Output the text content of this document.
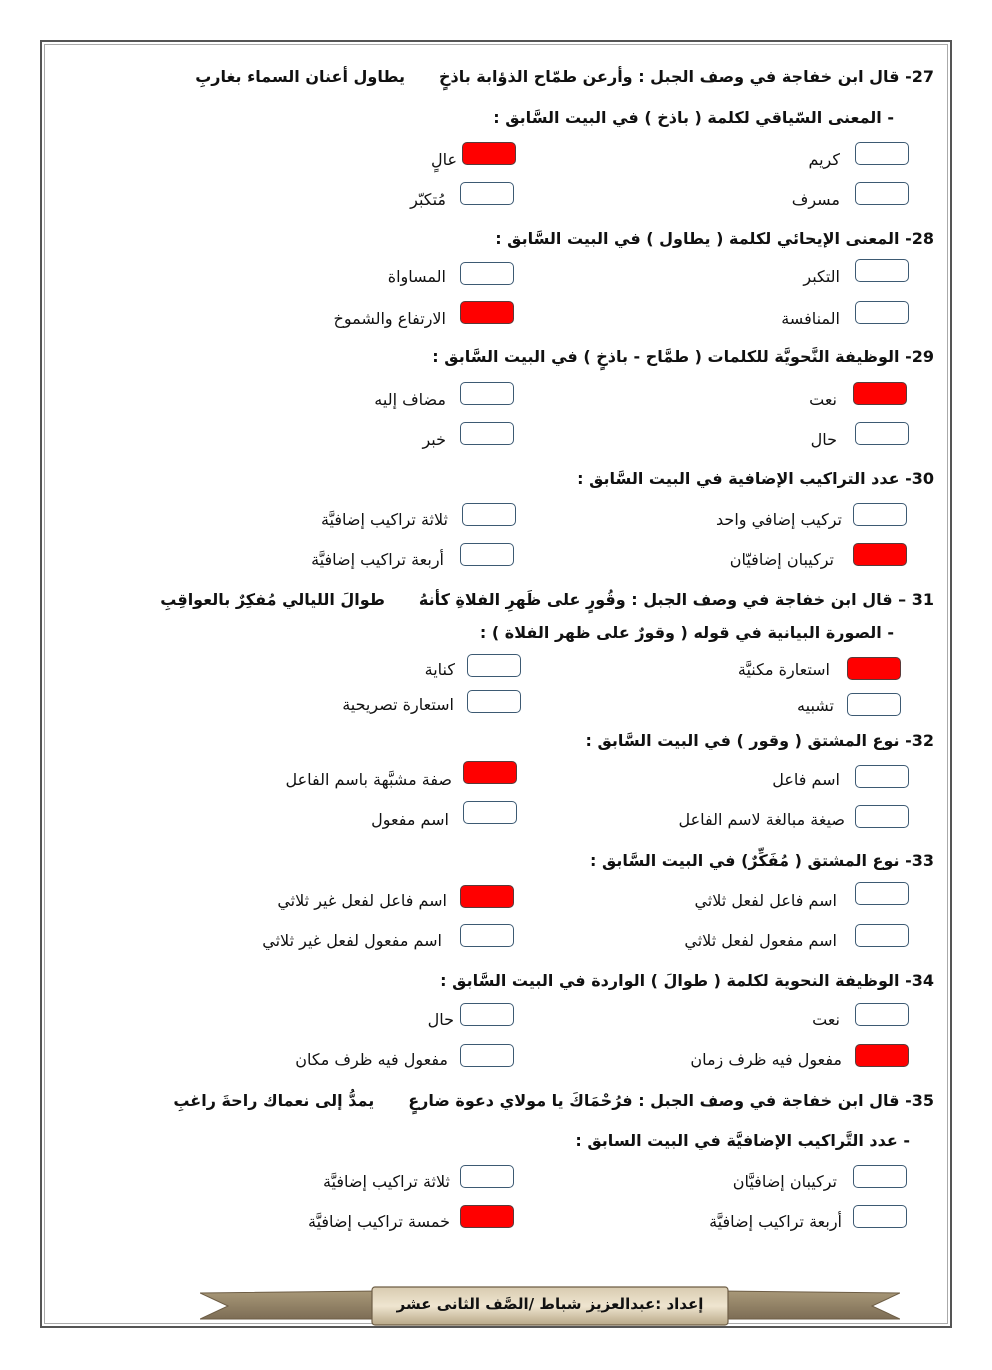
27- قال ابن خفاجة في وصف الجبل : وأرعن طمّاح الذؤابة باذخٍيطاول أعنان السماء بغاربِ
- المعنى السّياقي لكلمة ( باذخ ) في البيت السَّابق :
كريم
عالٍ
مسرف
مُتكبّر
28- المعنى الإيحائي لكلمة ( يطاول ) في البيت السَّابق :
التكبر
المساواة
المنافسة
الارتفاع والشموخ
29- الوظيفة النَّحويَّة للكلمات ( طمَّاح - باذخٍ ) في البيت السَّابق :
نعت
مضاف إليه
حال
خبر
30- عدد التراكيب الإضافية في البيت السَّابق :
تركيب إضافي واحد
ثلاثة تراكيب إضافيَّة
تركيبان إضافيّان
أربعة تراكيب إضافيَّة
31 – قال ابن خفاجة في وصف الجبل : وقُورٍ على ظَهرِ الفلاةِ كأنهُطوالَ الليالي مُفكِرٌ بالعواقِبِ
- الصورة البيانية في قوله ( وقورٌ على ظهر الفلاة ) :
استعارة مكنيَّة
كناية
تشبيه
استعارة تصريحية
32- نوع المشتق ( وقور ) في البيت السَّابق :
اسم فاعل
صفة مشبَّهة باسم الفاعل
صيغة مبالغة لاسم الفاعل
اسم مفعول
33- نوع المشتق ( مُفَكِّرٌ) في البيت السَّابق :
اسم فاعل لفعل ثلاثي
اسم فاعل لفعل غير ثلاثي
اسم مفعول لفعل ثلاثي
اسم مفعول لفعل غير ثلاثي
34- الوظيفة النحوية لكلمة ( طوالَ ) الواردة في البيت السَّابق :
نعت
حال
مفعول فيه ظرف زمان
مفعول فيه ظرف مكان
35- قال ابن خفاجة في وصف الجبل : فرُحْمَاكَ يا مولاي دعوة ضارعٍيمدُّ إلى نعماك راحةَ راغبِ
- عدد التَّراكيب الإضافيَّة في البيت السابق :
تركيبان إضافيَّان
ثلاثة تراكيب إضافيَّة
أربعة تراكيب إضافيَّة
خمسة تراكيب إضافيَّة
إعداد :عبدالعزيز شباط /الصَّف الثانى عشر
